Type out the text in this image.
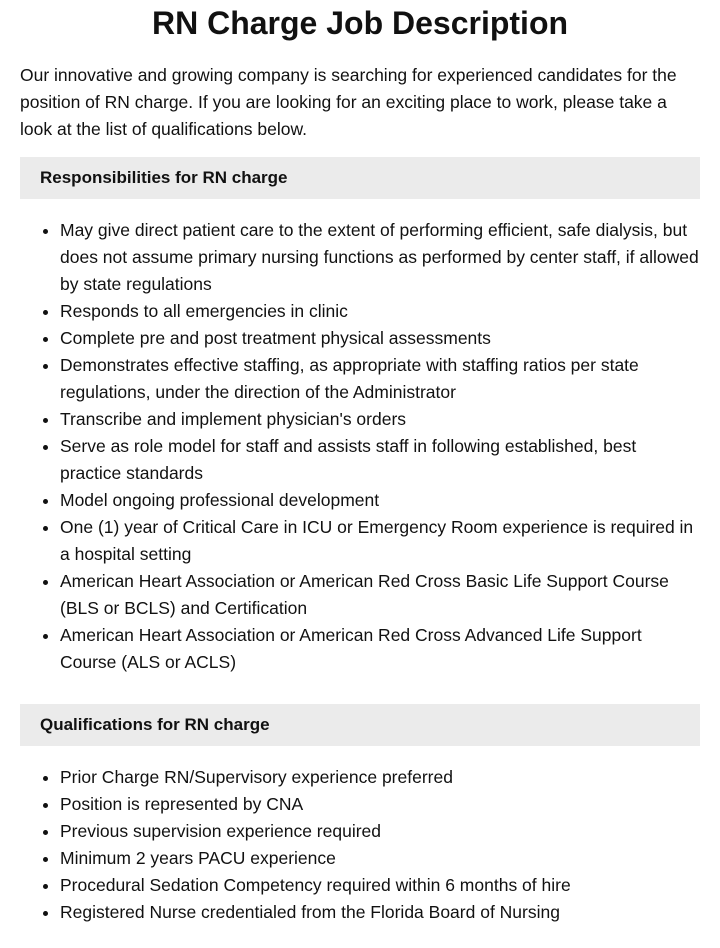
RN Charge Job Description

Our innovative and growing company is searching for experienced candidates for the position of RN charge. If you are looking for an exciting place to work, please take a look at the list of qualifications below.

Responsibilities for RN charge
• May give direct patient care to the extent of performing efficient, safe dialysis, but does not assume primary nursing functions as performed by center staff, if allowed by state regulations
• Responds to all emergencies in clinic
• Complete pre and post treatment physical assessments
• Demonstrates effective staffing, as appropriate with staffing ratios per state regulations, under the direction of the Administrator
• Transcribe and implement physician's orders
• Serve as role model for staff and assists staff in following established, best practice standards
• Model ongoing professional development
• One (1) year of Critical Care in ICU or Emergency Room experience is required in a hospital setting
• American Heart Association or American Red Cross Basic Life Support Course (BLS or BCLS) and Certification
• American Heart Association or American Red Cross Advanced Life Support Course (ALS or ACLS)
Qualifications for RN charge
• Prior Charge RN/Supervisory experience preferred
• Position is represented by CNA
• Previous supervision experience required
• Minimum 2 years PACU experience
• Procedural Sedation Competency required within 6 months of hire
• Registered Nurse credentialed from the Florida Board of Nursing
